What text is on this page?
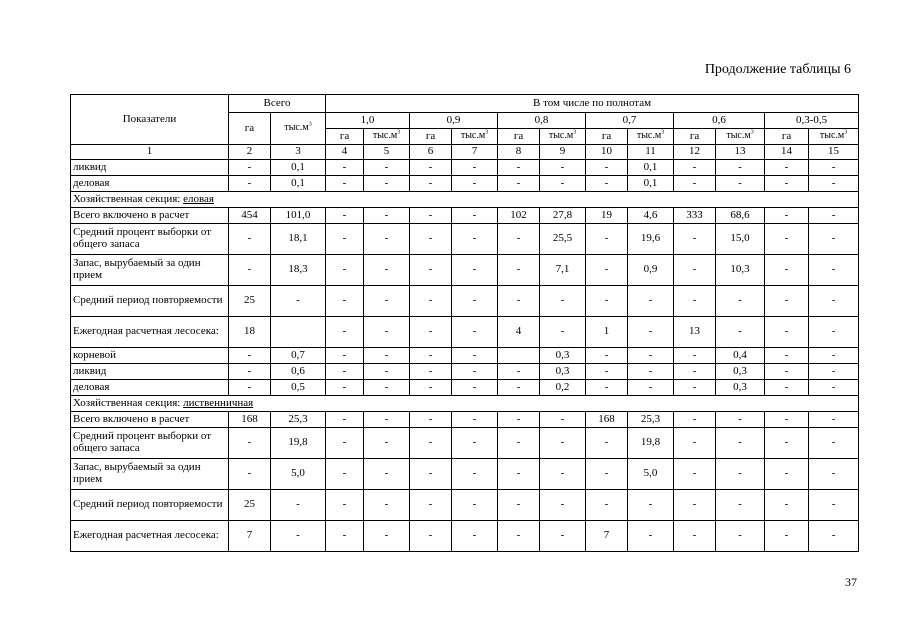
Продолжение таблицы 6
Показатели	Всего		В том числе по полнотам											
	га	$тыс.м^3$	1,0		0,9		0,8		0,7		0,6		0,3-0,5	
			га	$тыс.м^3$	га	$тыс.м^3$	га	$тыс.м^3$	га	$тыс.м^3$	га	$тыс.м^3$	га	$тыс.м^3$
1	2	3	4	5	6	7	8	9	10	11	12	13	14	15
ликвид	-	0,1	-	-	-	-	-	-	-	0,1	-	-	-	-
деловая	-	0,1	-	-	-	-	-	-	-	0,1	-	-	-	-
Хозяйственная секция: еловая														
Всего включено в расчет	454	101,0	-	-	-	-	102	27,8	19	4,6	333	68,6	-	-
Средний процент выборки от общего запаса	-	18,1	-	-	-	-	-	25,5	-	19,6	-	15,0	-	-
Запас, вырубаемый за один прием	-	18,3	-	-	-	-	-	7,1	-	0,9	-	10,3	-	-
Средний период повторяемости	25	-	-	-	-	-	-	-	-	-	-	-	-	-
Ежегодная расчетная лесосека:	18		-	-	-	-	4	-	1	-	13	-	-	-
корневой	-	0,7	-	-	-	-		0,3	-	-	-	0,4	-	-
ликвид	-	0,6	-	-	-	-	-	0,3	-	-	-	0,3	-	-
деловая	-	0,5	-	-	-	-	-	0,2	-	-	-	0,3	-	-
Хозяйственная секция: лиственничная														
Всего включено в расчет	168	25,3	-	-	-	-	-	-	168	25,3	-	-	-	-
Средний процент выборки от общего запаса	-	19,8	-	-	-	-	-	-	-	19,8	-	-	-	-
Запас, вырубаемый за один прием	-	5,0	-	-	-	-	-	-	-	5,0	-	-	-	-
Средний период повторяемости	25	-	-	-	-	-	-	-	-	-	-	-	-	-
Ежегодная расчетная лесосека:	7	-	-	-	-	-	-	-	7	-	-	-	-	-
37
